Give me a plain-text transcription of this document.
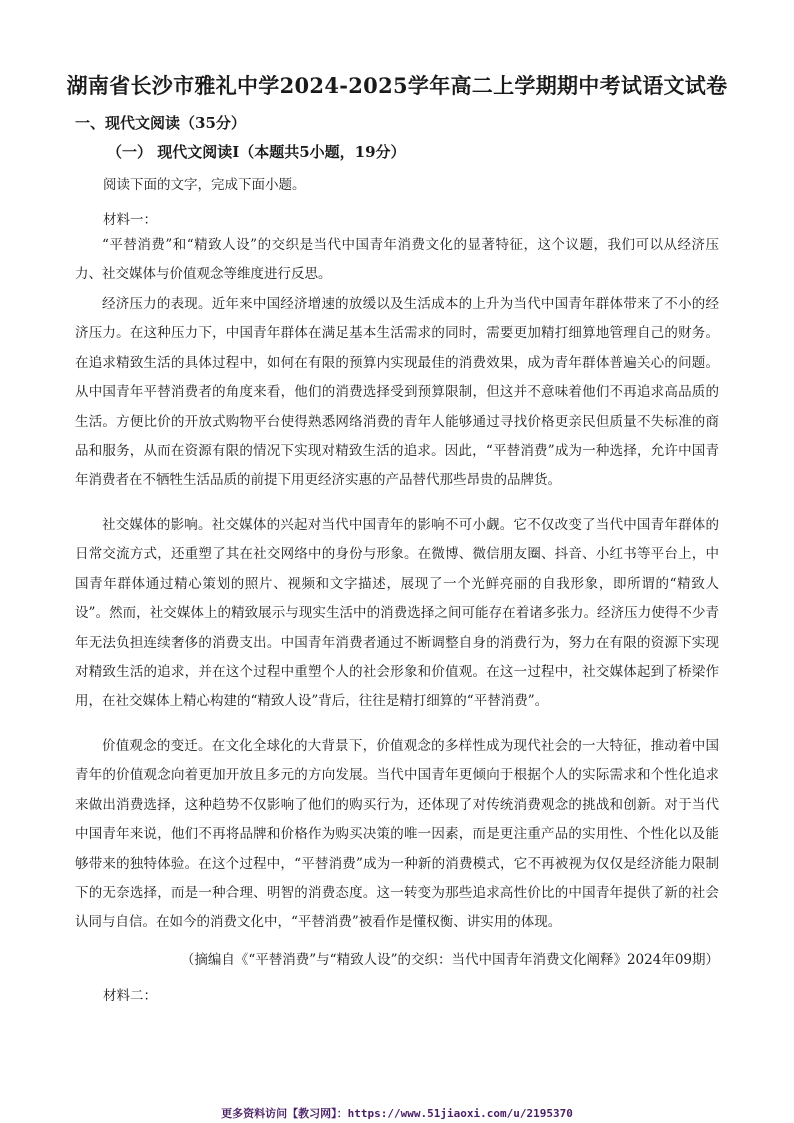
湖南省长沙市雅礼中学2024-2025学年高二上学期期中考试语文试卷
一、现代文阅读（35分）
（一） 现代文阅读Ⅰ（本题共5小题，19分）
阅读下面的文字，完成下面小题。
材料一：
“平替消费”和“精致人设”的交织是当代中国青年消费文化的显著特征，这个议题，我们可以从经济压力、社交媒体与价值观念等维度进行反思。
经济压力的表现。近年来中国经济增速的放缓以及生活成本的上升为当代中国青年群体带来了不小的经济压力。在这种压力下，中国青年群体在满足基本生活需求的同时，需要更加精打细算地管理自己的财务。在追求精致生活的具体过程中，如何在有限的预算内实现最佳的消费效果，成为青年群体普遍关心的问题。从中国青年平替消费者的角度来看，他们的消费选择受到预算限制，但这并不意味着他们不再追求高品质的生活。方便比价的开放式购物平台使得熟悉网络消费的青年人能够通过寻找价格更亲民但质量不失标准的商品和服务，从而在资源有限的情况下实现对精致生活的追求。因此，“平替消费”成为一种选择，允许中国青年消费者在不牺牲生活品质的前提下用更经济实惠的产品替代那些昂贵的品牌货。
社交媒体的影响。社交媒体的兴起对当代中国青年的影响不可小觑。它不仅改变了当代中国青年群体的日常交流方式，还重塑了其在社交网络中的身份与形象。在微博、微信朋友圈、抖音、小红书等平台上，中国青年群体通过精心策划的照片、视频和文字描述，展现了一个光鲜亮丽的自我形象，即所谓的“精致人设”。然而，社交媒体上的精致展示与现实生活中的消费选择之间可能存在着诸多张力。经济压力使得不少青年无法负担连续奢侈的消费支出。中国青年消费者通过不断调整自身的消费行为，努力在有限的资源下实现对精致生活的追求，并在这个过程中重塑个人的社会形象和价值观。在这一过程中，社交媒体起到了桥梁作用，在社交媒体上精心构建的“精致人设”背后，往往是精打细算的“平替消费”。
价值观念的变迁。在文化全球化的大背景下，价值观念的多样性成为现代社会的一大特征，推动着中国青年的价值观念向着更加开放且多元的方向发展。当代中国青年更倾向于根据个人的实际需求和个性化追求来做出消费选择，这种趋势不仅影响了他们的购买行为，还体现了对传统消费观念的挑战和创新。对于当代中国青年来说，他们不再将品牌和价格作为购买决策的唯一因素，而是更注重产品的实用性、个性化以及能够带来的独特体验。在这个过程中，“平替消费”成为一种新的消费模式，它不再被视为仅仅是经济能力限制下的无奈选择，而是一种合理、明智的消费态度。这一转变为那些追求高性价比的中国青年提供了新的社会认同与自信。在如今的消费文化中，“平替消费”被看作是懂权衡、讲实用的体现。
（摘编自《“平替消费”与“精致人设”的交织：当代中国青年消费文化阐释》2024年09期）
材料二：
更多资料访问【教习网】：https://www.51jiaoxi.com/u/2195370
